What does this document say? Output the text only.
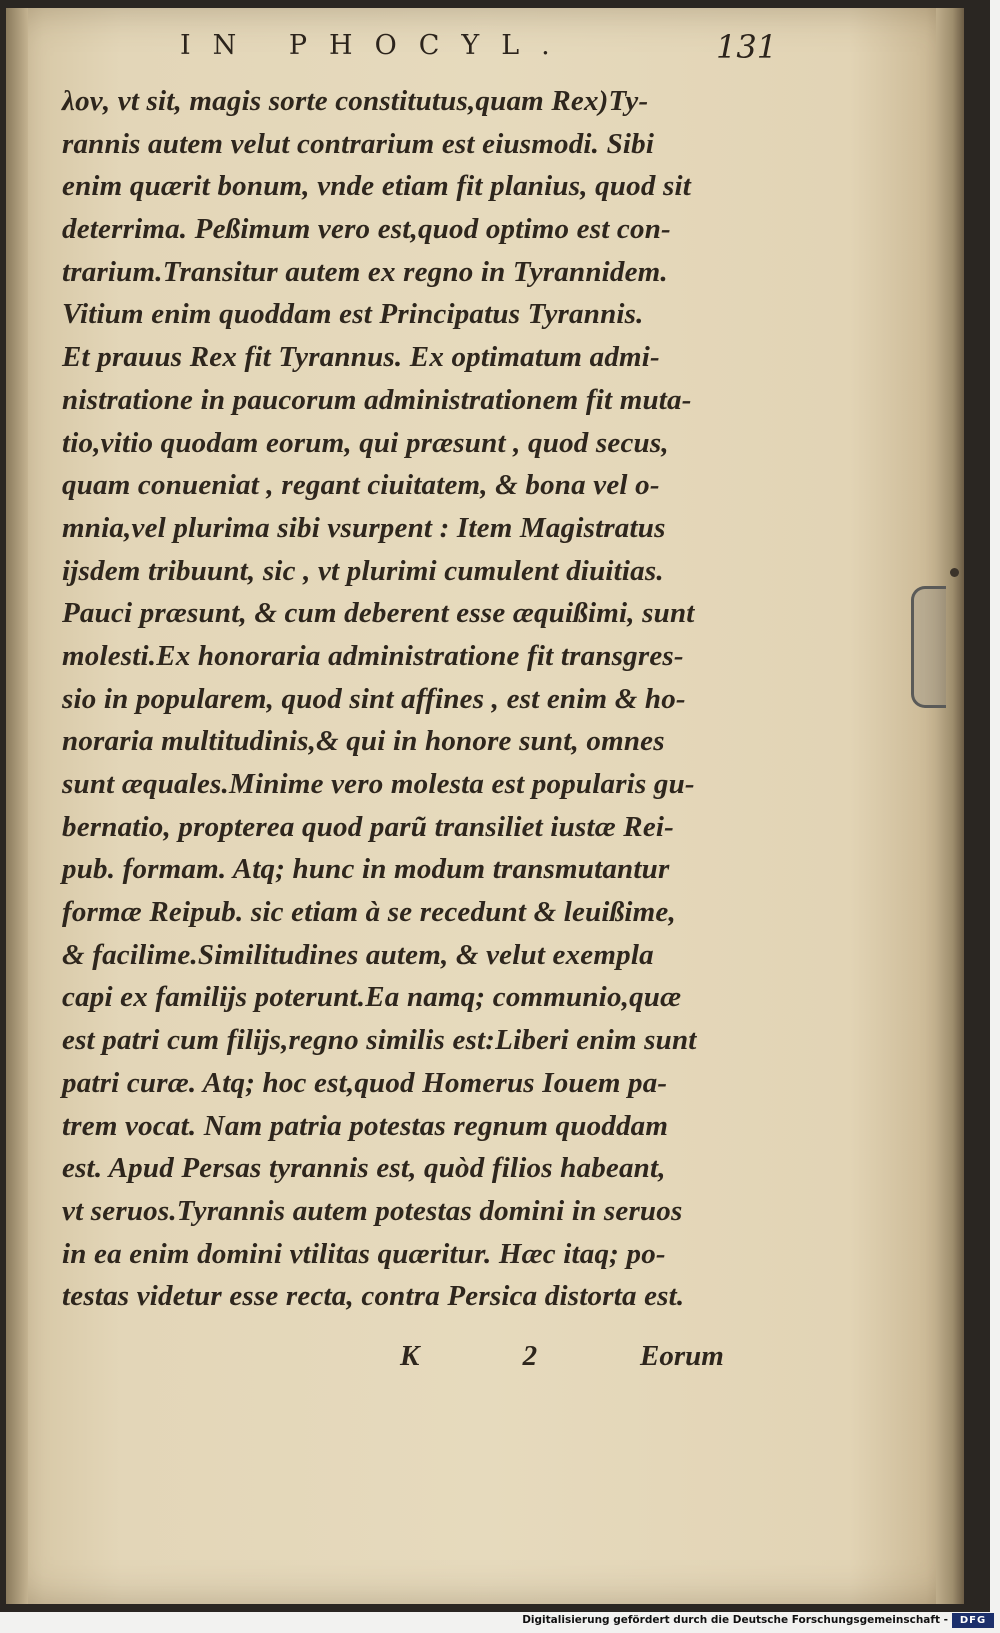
IN PHOCYL.	131
λον, vt sit, magis sorte constitutus,quam Rex)Ty-
rannis autem velut contrarium est eiusmodi. Sibi
enim quærit bonum, vnde etiam fit planius, quod sit
deterrima. Peßimum vero est,quod optimo est con-
trarium.Transitur autem ex regno in Tyrannidem.
Vitium enim quoddam est Principatus Tyrannis.
Et prauus Rex fit Tyrannus. Ex optimatum admi-
nistratione in paucorum administrationem fit muta-
tio,vitio quodam eorum, qui præsunt , quod secus,
quam conueniat , regant ciuitatem, & bona vel o-
mnia,vel plurima sibi vsurpent : Item Magistratus
ijsdem tribuunt, sic , vt plurimi cumulent diuitias.
Pauci præsunt, & cum deberent esse æquißimi, sunt
molesti.Ex honoraria administratione fit transgres-
sio in popularem, quod sint affines , est enim & ho-
noraria multitudinis,& qui in honore sunt, omnes
sunt æquales.Minime vero molesta est popularis gu-
bernatio, propterea quod parũ transiliet iustæ Rei-
pub. formam. Atq; hunc in modum transmutantur
formæ Reipub. sic etiam à se recedunt & leuißime,
& facilime.Similitudines autem, & velut exempla
capi ex familijs poterunt.Ea namq; communio,quæ
est patri cum filijs,regno similis est:Liberi enim sunt
patri curæ. Atq; hoc est,quod Homerus Iouem pa-
trem vocat. Nam patria potestas regnum quoddam
est. Apud Persas tyrannis est, quòd filios habeant,
vt seruos.Tyrannis autem potestas domini in seruos
in ea enim domini vtilitas quæritur. Hæc itaq; po-
testas videtur esse recta, contra Persica distorta est.
K 2 Eorum
Digitalisierung gefördert durch die Deutsche Forschungsgemeinschaft -	DFG
